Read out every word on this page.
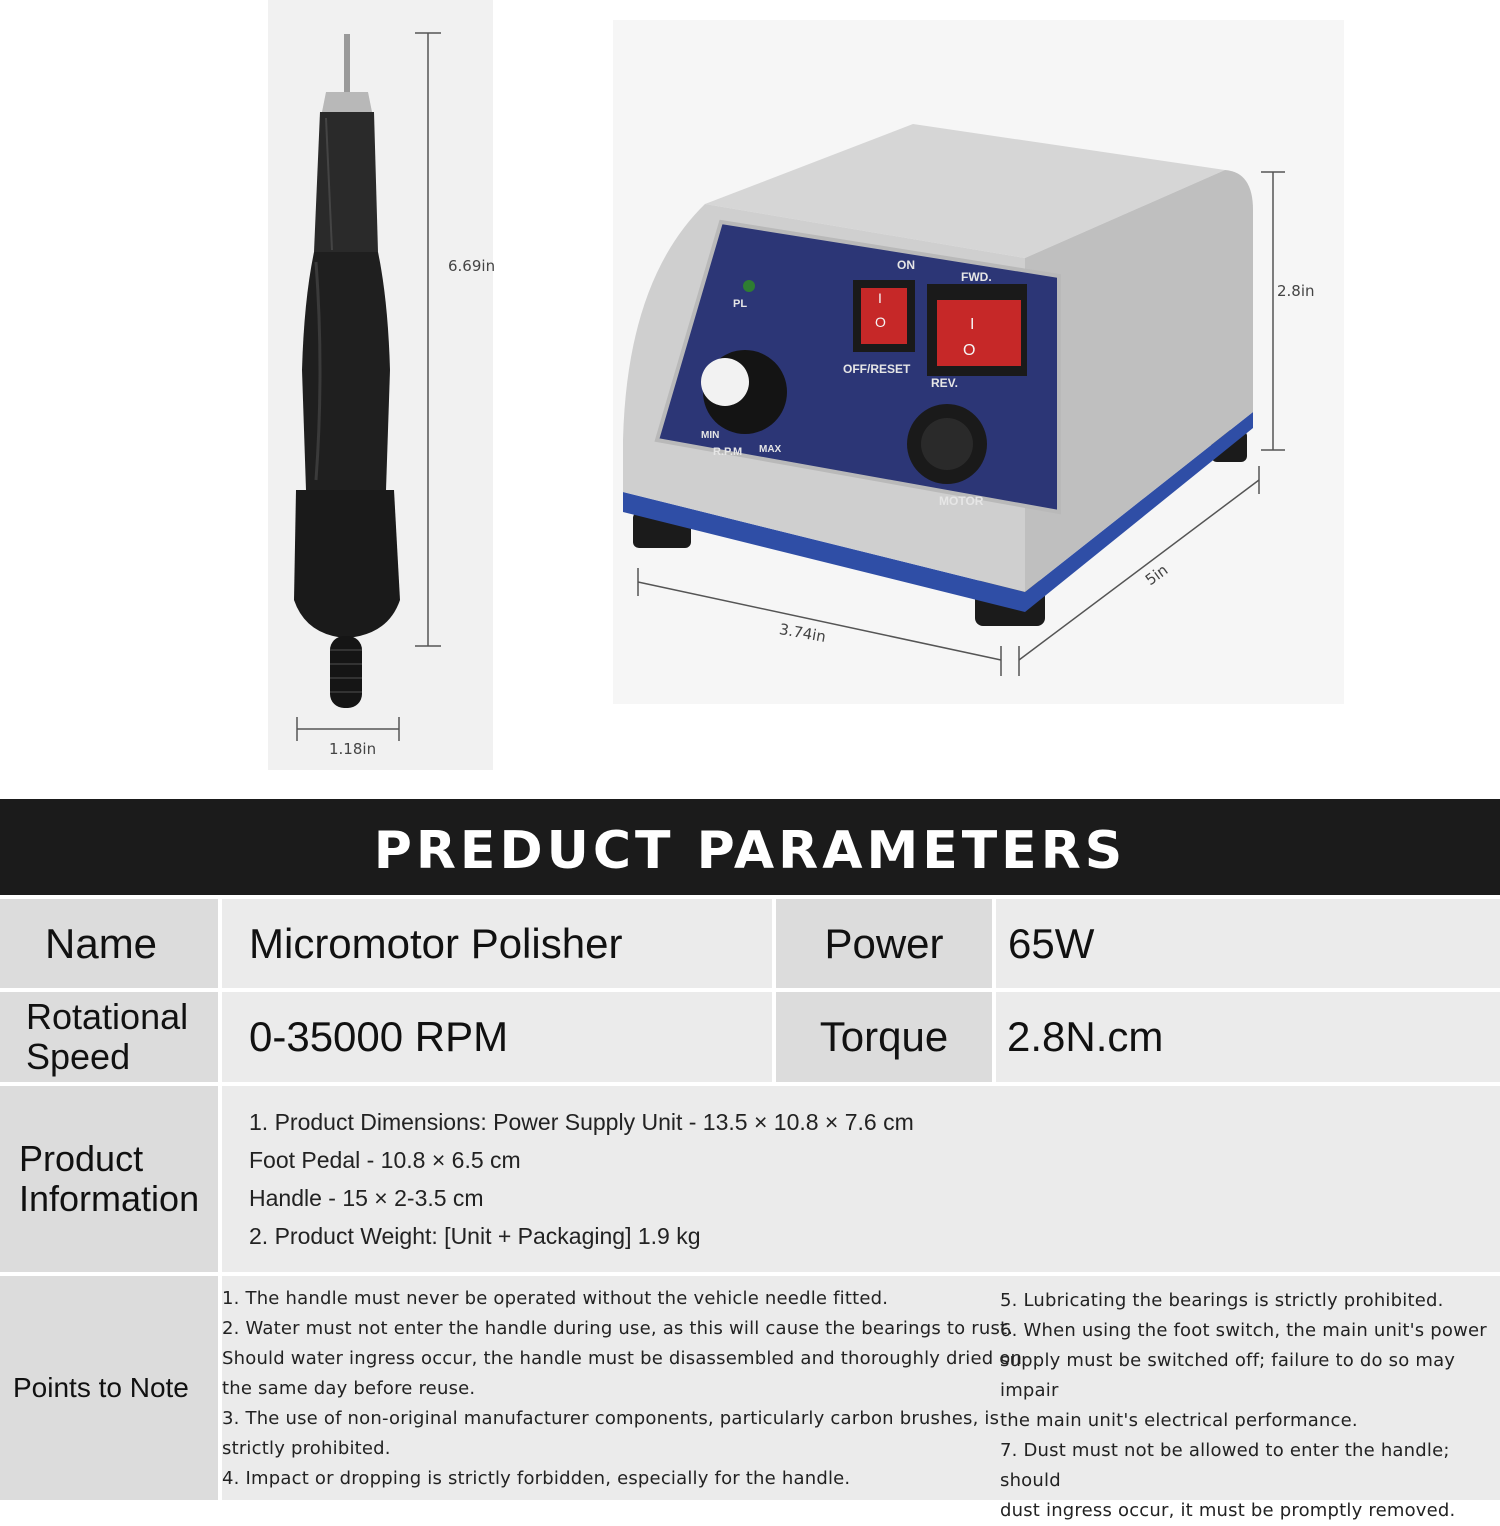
6.69in
1.18in
PL
ON
OFF/RESET
FWD.
REV.
MIN
R.P.M MAX
MOTOR
I
O	I
O
2.8in
3.74in
5in
PREDUCT PARAMETERS
Name	Micromotor Polisher	Power	65W
Rotational
Speed	0-35000 RPM	Torque	2.8N.cm
Product
Information
1. Product Dimensions: Power Supply Unit - 13.5 × 10.8 × 7.6 cm
Foot Pedal - 10.8 × 6.5 cm
Handle - 15 × 2-3.5 cm
2. Product Weight: [Unit + Packaging] 1.9 kg
Points to Note
1. The handle must never be operated without the vehicle needle fitted.
2. Water must not enter the handle during use, as this will cause the bearings to rust.
Should water ingress occur, the handle must be disassembled and thoroughly dried on
the same day before reuse.
3. The use of non-original manufacturer components, particularly carbon brushes, is
strictly prohibited.
4. Impact or dropping is strictly forbidden, especially for the handle.
5. Lubricating the bearings is strictly prohibited.
6. When using the foot switch, the main unit's power
supply must be switched off; failure to do so may impair
the main unit's electrical performance.
7. Dust must not be allowed to enter the handle; should
dust ingress occur, it must be promptly removed.
